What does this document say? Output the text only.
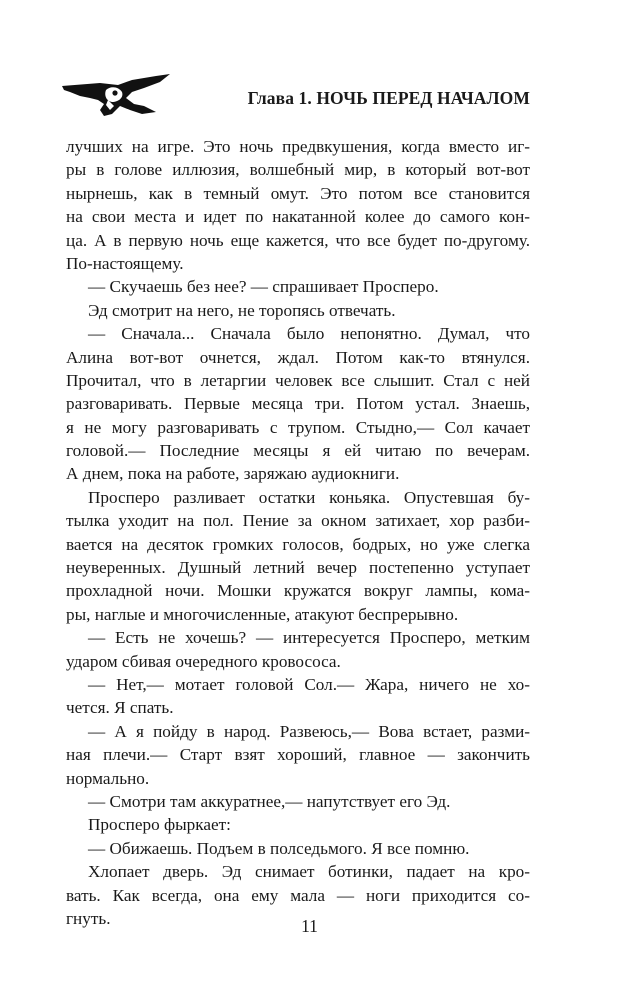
Глава 1. НОЧЬ ПЕРЕД НАЧАЛОМ
лучших на игре. Это ночь предвкушения, когда вместо иг-
ры в голове иллюзия, волшебный мир, в который вот-вот
нырнешь, как в темный омут. Это потом все становится
на свои места и идет по накатанной колее до самого кон-
ца. А в первую ночь еще кажется, что все будет по-другому.
По-настоящему.
— Скучаешь без нее? — спрашивает Просперо.
Эд смотрит на него, не торопясь отвечать.
— Сначала... Сначала было непонятно. Думал, что
Алина вот-вот очнется, ждал. Потом как-то втянулся.
Прочитал, что в летаргии человек все слышит. Стал с ней
разговаривать. Первые месяца три. Потом устал. Знаешь,
я не могу разговаривать с трупом. Стыдно,— Сол качает
головой.— Последние месяцы я ей читаю по вечерам.
А днем, пока на работе, заряжаю аудиокниги.
Просперо разливает остатки коньяка. Опустевшая бу-
тылка уходит на пол. Пение за окном затихает, хор разби-
вается на десяток громких голосов, бодрых, но уже слегка
неуверенных. Душный летний вечер постепенно уступает
прохладной ночи. Мошки кружатся вокруг лампы, кома-
ры, наглые и многочисленные, атакуют беспрерывно.
— Есть не хочешь? — интересуется Просперо, метким
ударом сбивая очередного кровососа.
— Нет,— мотает головой Сол.— Жара, ничего не хо-
чется. Я спать.
— А я пойду в народ. Развеюсь,— Вова встает, разми-
ная плечи.— Старт взят хороший, главное — закончить
нормально.
— Смотри там аккуратнее,— напутствует его Эд.
Просперо фыркает:
— Обижаешь. Подъем в полседьмого. Я все помню.
Хлопает дверь. Эд снимает ботинки, падает на кро-
вать. Как всегда, она ему мала — ноги приходится со-
гнуть.	11
